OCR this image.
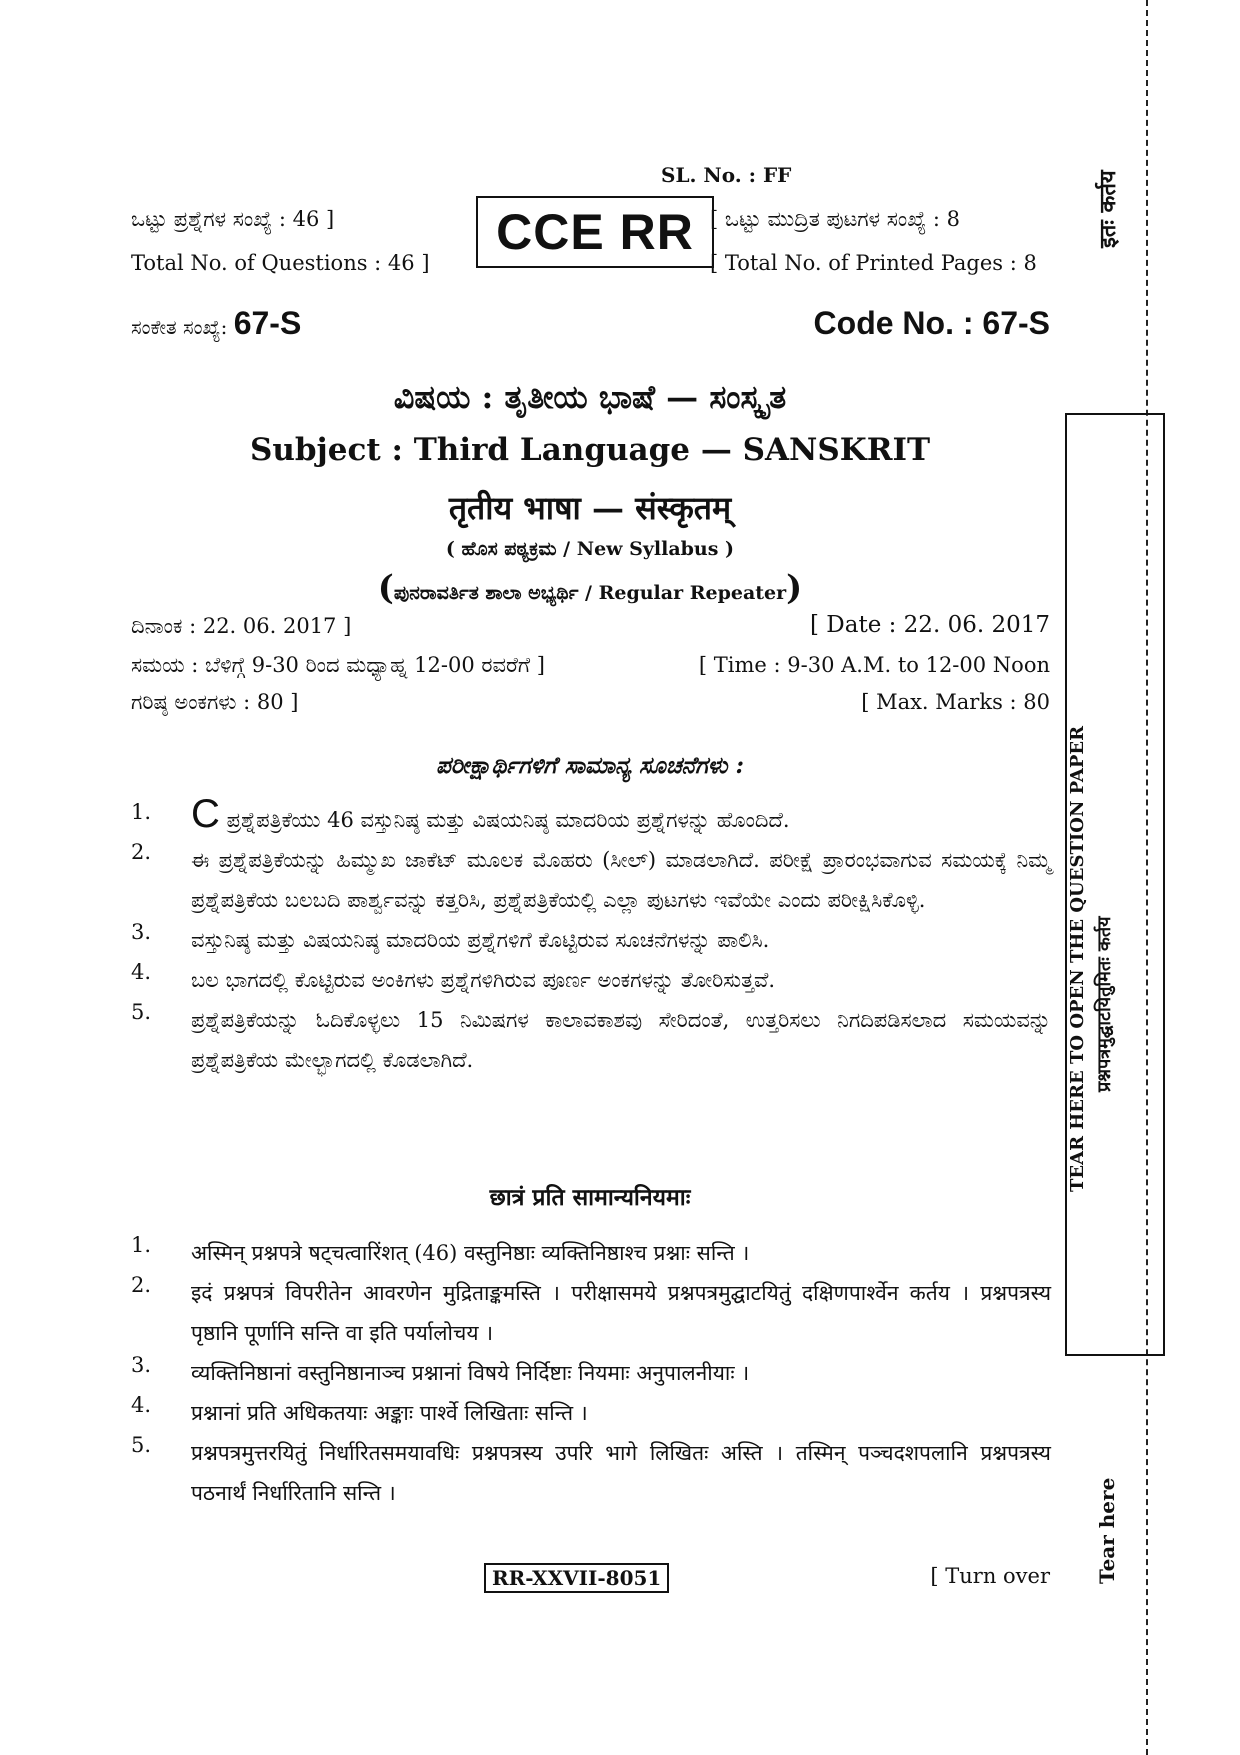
SL. No. : FF
ಒಟ್ಟು ಪ್ರಶ್ನೆಗಳ ಸಂಖ್ಯೆ : 46 ]
Total No. of Questions : 46 ]
CCE RR [ ಒಟ್ಟು ಮುದ್ರಿತ ಪುಟಗಳ ಸಂಖ್ಯೆ : 8
[ Total No. of Printed Pages : 8
ಸಂಕೇತ ಸಂಖ್ಯೆ: 67-S	Code No. : 67-S
ವಿಷಯ : ತೃತೀಯ ಭಾಷೆ — ಸಂಸ್ಕೃತ
Subject : Third Language — SANSKRIT
तृतीय भाषा — संस्कृतम्
( ಹೊಸ ಪಠ್ಯಕ್ರಮ / New Syllabus )
(ಪುನರಾವರ್ತಿತ ಶಾಲಾ ಅಭ್ಯರ್ಥಿ / Regular Repeater)
ದಿನಾಂಕ : 22. 06. 2017 ]	[ Date : 22. 06. 2017
ಸಮಯ : ಬೆಳಿಗ್ಗೆ 9-30 ರಿಂದ ಮಧ್ಯಾಹ್ನ 12-00 ರವರೆಗೆ ]	[ Time : 9-30 A.M. to 12-00 Noon
ಗರಿಷ್ಠ ಅಂಕಗಳು : 80 ]	[ Max. Marks : 80
ಪರೀಕ್ಷಾರ್ಥಿಗಳಿಗೆ ಸಾಮಾನ್ಯ ಸೂಚನೆಗಳು :
1. C ಪ್ರಶ್ನೆಪತ್ರಿಕೆಯು 46 ವಸ್ತುನಿಷ್ಠ ಮತ್ತು ವಿಷಯನಿಷ್ಠ ಮಾದರಿಯ ಪ್ರಶ್ನೆಗಳನ್ನು ಹೊಂದಿದೆ.
2.	ಈ ಪ್ರಶ್ನೆಪತ್ರಿಕೆಯನ್ನು ಹಿಮ್ಮುಖ ಜಾಕೆಟ್ ಮೂಲಕ ಮೊಹರು (ಸೀಲ್) ಮಾಡಲಾಗಿದೆ. ಪರೀಕ್ಷೆ ಪ್ರಾರಂಭವಾಗುವ ಸಮಯಕ್ಕೆ ನಿಮ್ಮ ಪ್ರಶ್ನೆಪತ್ರಿಕೆಯ ಬಲಬದಿ ಪಾರ್ಶ್ವವನ್ನು ಕತ್ತರಿಸಿ, ಪ್ರಶ್ನೆಪತ್ರಿಕೆಯಲ್ಲಿ ಎಲ್ಲಾ ಪುಟಗಳು ಇವೆಯೇ ಎಂದು ಪರೀಕ್ಷಿಸಿಕೊಳ್ಳಿ.
3.	ವಸ್ತುನಿಷ್ಠ ಮತ್ತು ವಿಷಯನಿಷ್ಠ ಮಾದರಿಯ ಪ್ರಶ್ನೆಗಳಿಗೆ ಕೊಟ್ಟಿರುವ ಸೂಚನೆಗಳನ್ನು ಪಾಲಿಸಿ.
4.	ಬಲ ಭಾಗದಲ್ಲಿ ಕೊಟ್ಟಿರುವ ಅಂಕಿಗಳು ಪ್ರಶ್ನೆಗಳಿಗಿರುವ ಪೂರ್ಣ ಅಂಕಗಳನ್ನು ತೋರಿಸುತ್ತವೆ.
5.	ಪ್ರಶ್ನೆಪತ್ರಿಕೆಯನ್ನು ಓದಿಕೊಳ್ಳಲು 15 ನಿಮಿಷಗಳ ಕಾಲಾವಕಾಶವು ಸೇರಿದಂತೆ, ಉತ್ತರಿಸಲು ನಿಗದಿಪಡಿಸಲಾದ ಸಮಯವನ್ನು ಪ್ರಶ್ನೆಪತ್ರಿಕೆಯ ಮೇಲ್ಭಾಗದಲ್ಲಿ ಕೊಡಲಾಗಿದೆ.
छात्रं प्रति सामान्यनियमाः
1.	अस्मिन् प्रश्नपत्रे षट्चत्वारिंशत् (46) वस्तुनिष्ठाः व्यक्तिनिष्ठाश्च प्रश्नाः सन्ति ।
2.	इदं प्रश्नपत्रं विपरीतेन आवरणेन मुद्रिताङ्कमस्ति । परीक्षासमये प्रश्नपत्रमुद्घाटयितुं दक्षिणपार्श्वेन कर्तय । प्रश्नपत्रस्य पृष्ठानि पूर्णानि सन्ति वा इति पर्यालोचय ।
3.	व्यक्तिनिष्ठानां वस्तुनिष्ठानाञ्च प्रश्नानां विषये निर्दिष्टाः नियमाः अनुपालनीयाः ।
4.	प्रश्नानां प्रति अधिकतयाः अङ्काः पार्श्वे लिखिताः सन्ति ।
5.	प्रश्नपत्रमुत्तरयितुं निर्धारितसमयावधिः प्रश्नपत्रस्य उपरि भागे लिखितः अस्ति । तस्मिन् पञ्चदशपलानि प्रश्नपत्रस्य पठनार्थं निर्धारितानि सन्ति ।
RR-XXVII-8051	[ Turn over
इतः कर्तय
TEAR HERE TO OPEN THE QUESTION PAPER प्रश्नपत्रमुद्घाटयितुमितः कर्तय
Tear here
